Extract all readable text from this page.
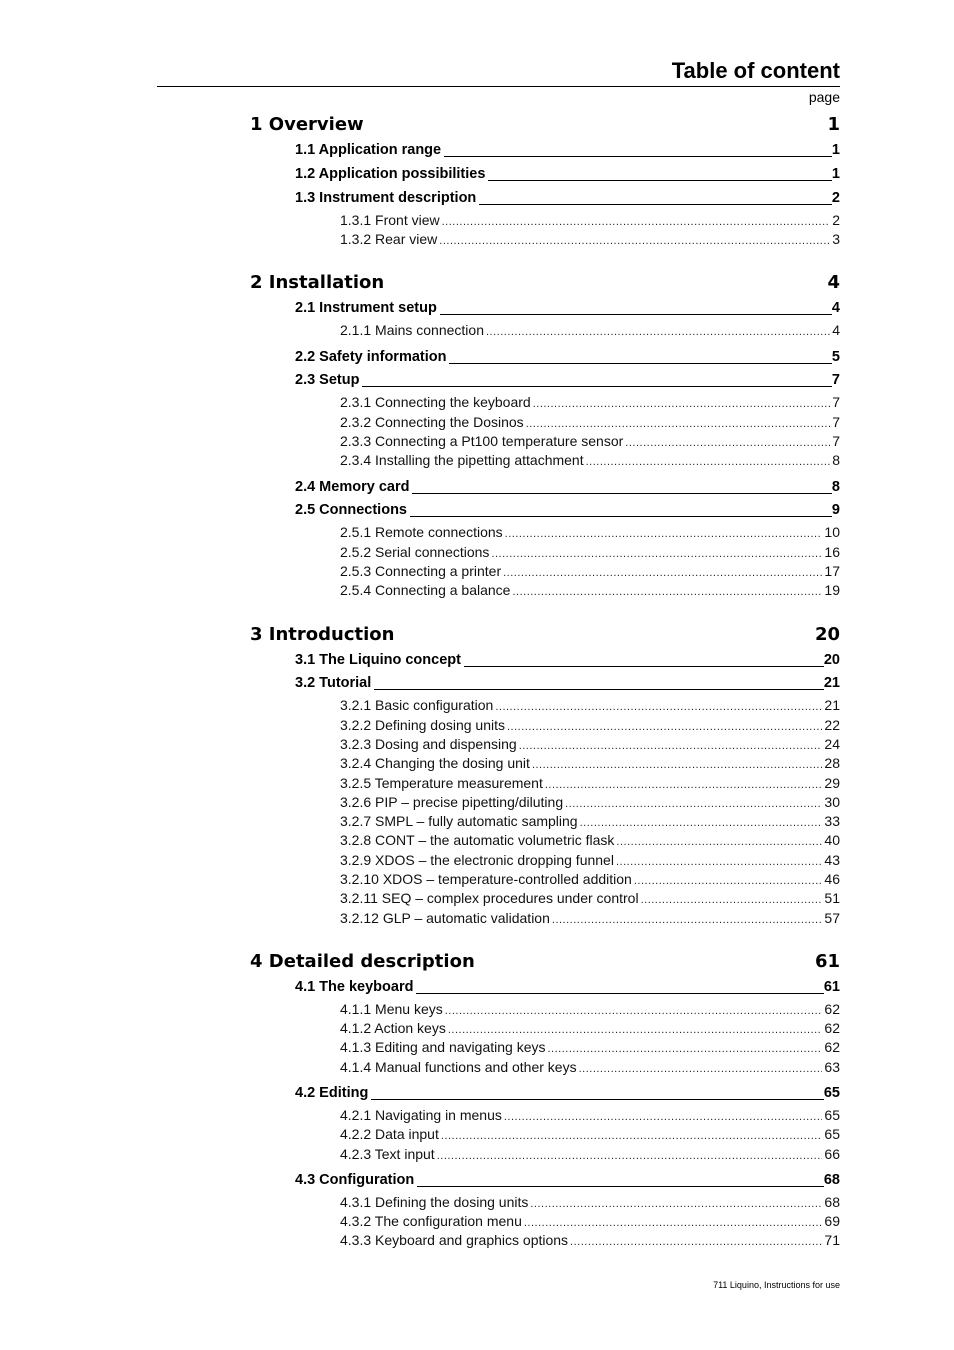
Table of content
page
1 Overview	1
1.1 Application range	1
1.2 Application possibilities	1
1.3 Instrument description	2
1.3.1 Front view .....	2
1.3.2 Rear view .....	3
2 Installation	4
2.1 Instrument setup	4
2.1.1 Mains connection .....	4
2.2 Safety information	5
2.3 Setup	7
2.3.1 Connecting the keyboard .....	7
2.3.2 Connecting the Dosinos .....	7
2.3.3 Connecting a Pt100 temperature sensor .....	7
2.3.4 Installing the pipetting attachment .....	8
2.4 Memory card	8
2.5 Connections	9
2.5.1 Remote connections .....	10
2.5.2 Serial connections .....	16
2.5.3 Connecting a printer .....	17
2.5.4 Connecting a balance .....	19
3 Introduction	20
3.1 The Liquino concept	20
3.2 Tutorial	21
3.2.1 Basic configuration .....	21
3.2.2 Defining dosing units .....	22
3.2.3 Dosing and dispensing .....	24
3.2.4 Changing the dosing unit .....	28
3.2.5 Temperature measurement .....	29
3.2.6 PIP – precise pipetting/diluting .....	30
3.2.7 SMPL – fully automatic sampling .....	33
3.2.8 CONT – the automatic volumetric flask .....	40
3.2.9 XDOS – the electronic dropping funnel .....	43
3.2.10 XDOS – temperature-controlled addition .....	46
3.2.11 SEQ – complex procedures under control .....	51
3.2.12 GLP – automatic validation .....	57
4 Detailed description	61
4.1 The keyboard	61
4.1.1 Menu keys .....	62
4.1.2 Action keys .....	62
4.1.3 Editing and navigating keys .....	62
4.1.4 Manual functions and other keys .....	63
4.2 Editing	65
4.2.1 Navigating in menus .....	65
4.2.2 Data input .....	65
4.2.3 Text input .....	66
4.3 Configuration	68
4.3.1 Defining the dosing units .....	68
4.3.2 The configuration menu .....	69
4.3.3 Keyboard and graphics options .....	71
711 Liquino, Instructions for use
